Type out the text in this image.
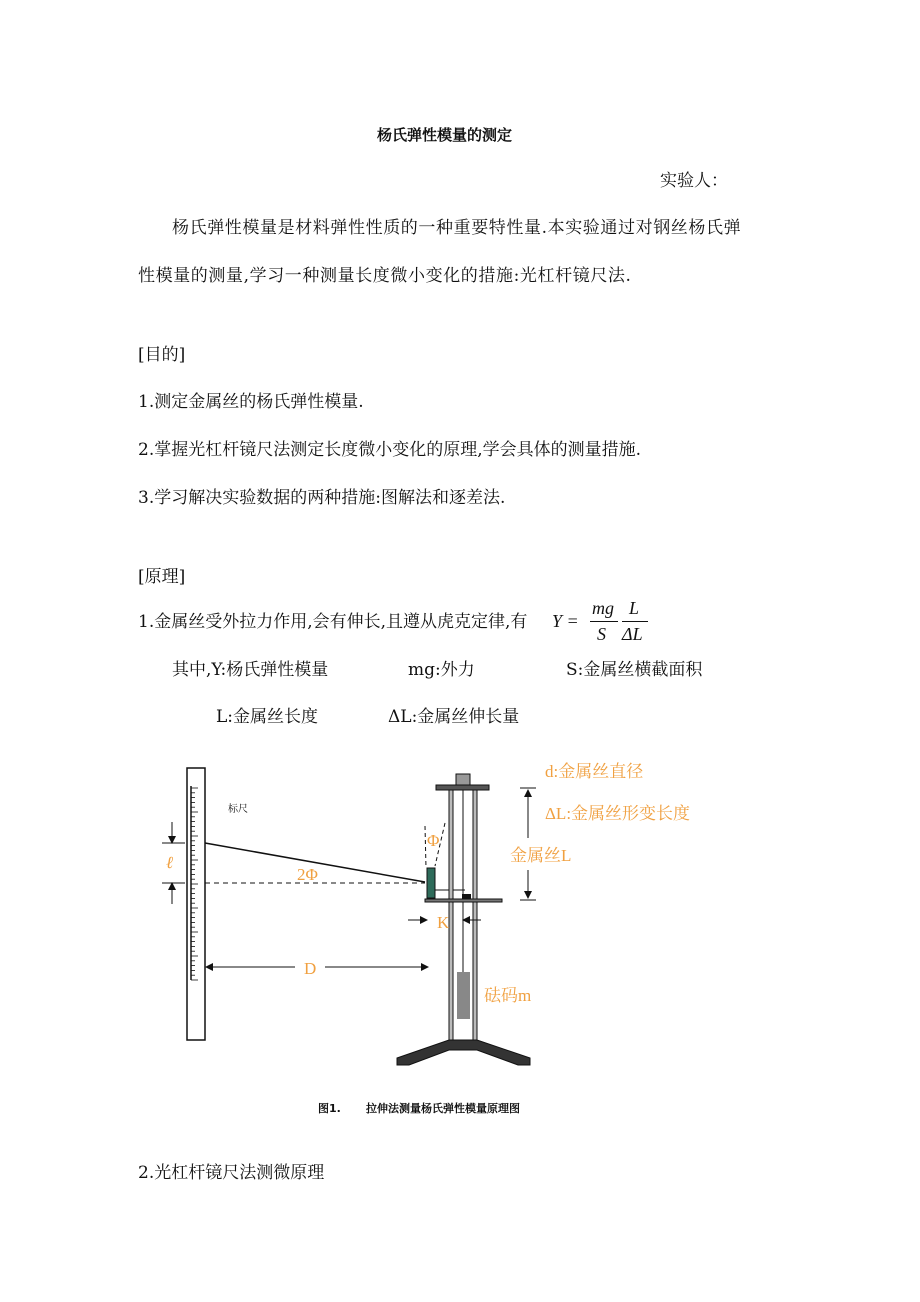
杨氏弹性模量的测定
实验人：
杨氏弹性模量是材料弹性性质的一种重要特性量.本实验通过对钢丝杨氏弹
性模量的测量,学习一种测量长度微小变化的措施:光杠杆镜尺法.
[目的]
1.测定金属丝的杨氏弹性模量.
2.掌握光杠杆镜尺法测定长度微小变化的原理,学会具体的测量措施.
3.学习解决实验数据的两种措施:图解法和逐差法.
[原理]
1.金属丝受外拉力作用,会有伸长,且遵从虎克定律,有 Y =
mg
S
L
ΔL
其中,Y:杨氏弹性模量	mg:外力	S:金属丝横截面积
L:金属丝长度	ΔL:金属丝伸长量
标尺
ℓ
2Φ
Φ
K
D
金属丝L
d:金属丝直径
ΔL:金属丝形变长度
砝码m
图1. 拉伸法测量杨氏弹性模量原理图
2.光杠杆镜尺法测微原理
